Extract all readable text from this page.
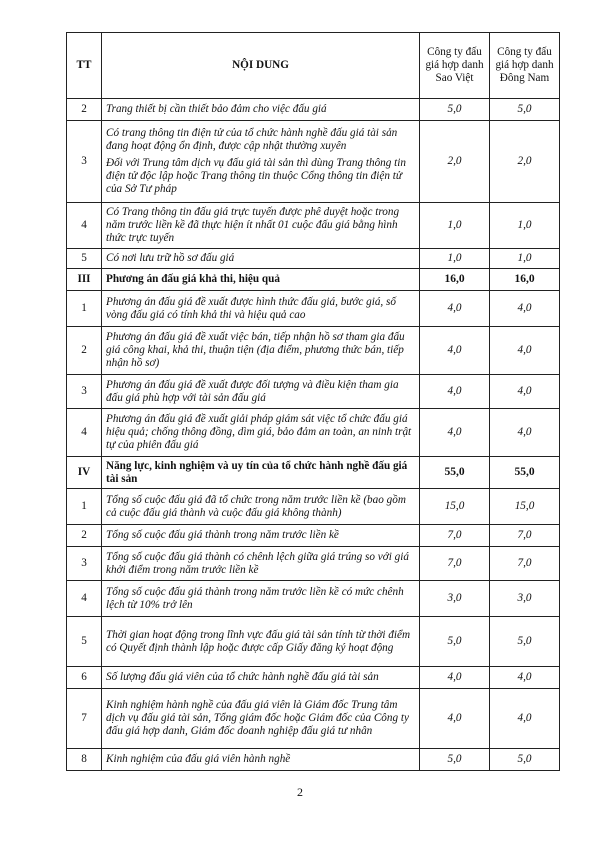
TT	NỘI DUNG	Công ty đấu giá hợp danh Sao Việt	Công ty đấu giá hợp danh Đông Nam
2	Trang thiết bị cần thiết bảo đảm cho việc đấu giá	5,0	5,0
3	Có trang thông tin điện tử của tổ chức hành nghề đấu giá tài sản đang hoạt động ổn định, được cập nhật thường xuyên
Đối với Trung tâm dịch vụ đấu giá tài sản thì dùng Trang thông tin điện tử độc lập hoặc Trang thông tin thuộc Cổng thông tin điện tử của Sở Tư pháp	2,0	2,0
4	Có Trang thông tin đấu giá trực tuyến được phê duyệt hoặc trong năm trước liền kề đã thực hiện ít nhất 01 cuộc đấu giá bằng hình thức trực tuyến	1,0	1,0
5	Có nơi lưu trữ hồ sơ đấu giá	1,0	1,0
III	Phương án đấu giá khả thi, hiệu quả	16,0	16,0
1	Phương án đấu giá đề xuất được hình thức đấu giá, bước giá, số vòng đấu giá có tính khả thi và hiệu quả cao	4,0	4,0
2	Phương án đấu giá đề xuất việc bán, tiếp nhận hồ sơ tham gia đấu giá công khai, khả thi, thuận tiện (địa điểm, phương thức bán, tiếp nhận hồ sơ)	4,0	4,0
3	Phương án đấu giá đề xuất được đối tượng và điều kiện tham gia đấu giá phù hợp với tài sản đấu giá	4,0	4,0
4	Phương án đấu giá đề xuất giải pháp giám sát việc tổ chức đấu giá hiệu quả; chống thông đồng, dìm giá, bảo đảm an toàn, an ninh trật tự của phiên đấu giá	4,0	4,0
IV	Năng lực, kinh nghiệm và uy tín của tổ chức hành nghề đấu giá tài sản	55,0	55,0
1	Tổng số cuộc đấu giá đã tổ chức trong năm trước liền kề (bao gồm cả cuộc đấu giá thành và cuộc đấu giá không thành)	15,0	15,0
2	Tổng số cuộc đấu giá thành trong năm trước liền kề	7,0	7,0
3	Tổng số cuộc đấu giá thành có chênh lệch giữa giá trúng so với giá khởi điểm trong năm trước liền kề	7,0	7,0
4	Tổng số cuộc đấu giá thành trong năm trước liền kề có mức chênh lệch từ 10% trở lên	3,0	3,0
5	Thời gian hoạt động trong lĩnh vực đấu giá tài sản tính từ thời điểm có Quyết định thành lập hoặc được cấp Giấy đăng ký hoạt động	5,0	5,0
6	Số lượng đấu giá viên của tổ chức hành nghề đấu giá tài sản	4,0	4,0
7	Kinh nghiệm hành nghề của đấu giá viên là Giám đốc Trung tâm dịch vụ đấu giá tài sản, Tổng giám đốc hoặc Giám đốc của Công ty đấu giá hợp danh, Giám đốc doanh nghiệp đấu giá tư nhân	4,0	4,0
8	Kinh nghiệm của đấu giá viên hành nghề	5,0	5,0
2
